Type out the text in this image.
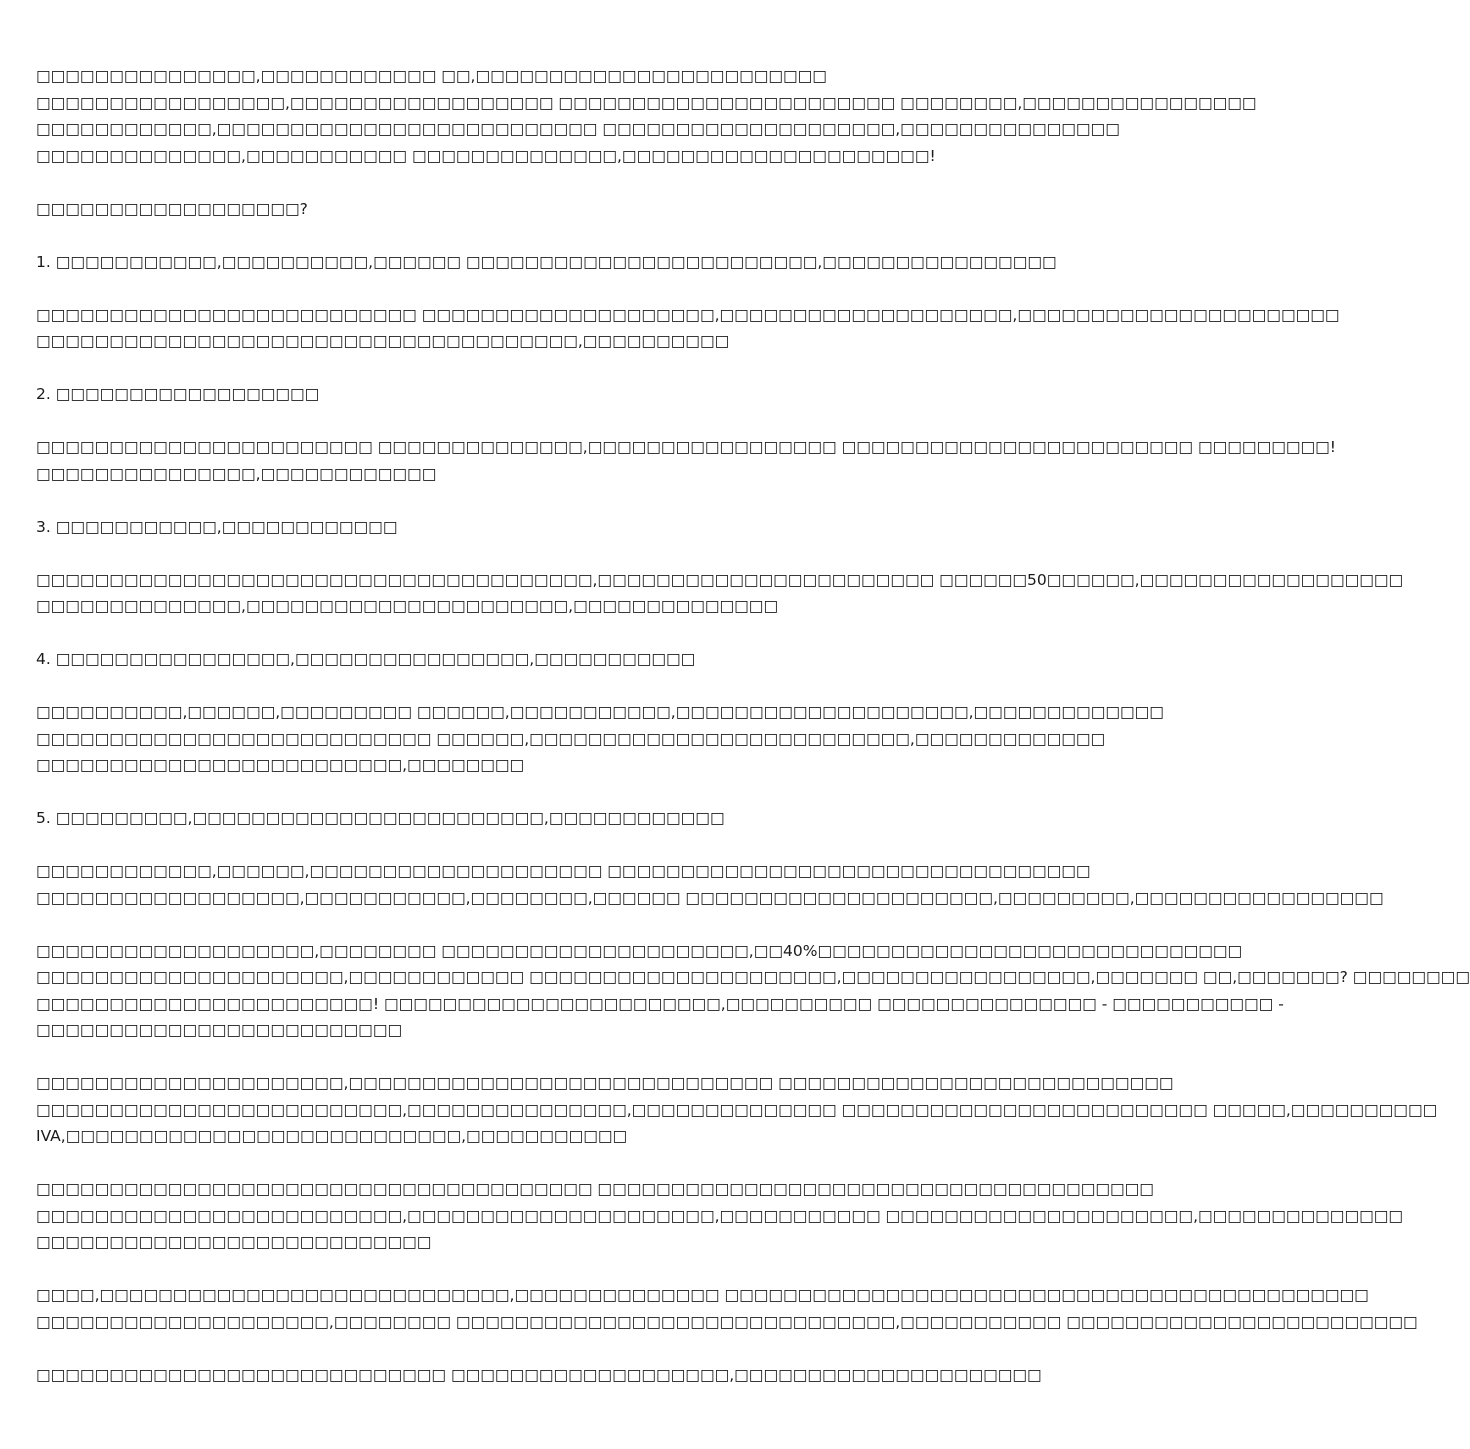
□□□□□□□□□□□□□□□,□□□□□□□□□□□□ □□,□□□□□□□□□□□□□□□□□□□□□□□□
□□□□□□□□□□□□□□□□□,□□□□□□□□□□□□□□□□□□ □□□□□□□□□□□□□□□□□□□□□□□ □□□□□□□□,□□□□□□□□□□□□□□□□
□□□□□□□□□□□□,□□□□□□□□□□□□□□□□□□□□□□□□□□ □□□□□□□□□□□□□□□□□□□□,□□□□□□□□□□□□□□□
□□□□□□□□□□□□□□,□□□□□□□□□□□ □□□□□□□□□□□□□□,□□□□□□□□□□□□□□□□□□□□□!
□□□□□□□□□□□□□□□□□□?
1. □□□□□□□□□□□,□□□□□□□□□□,□□□□□□ □□□□□□□□□□□□□□□□□□□□□□□□,□□□□□□□□□□□□□□□□
□□□□□□□□□□□□□□□□□□□□□□□□□□ □□□□□□□□□□□□□□□□□□□□,□□□□□□□□□□□□□□□□□□□□,□□□□□□□□□□□□□□□□□□□□□□
□□□□□□□□□□□□□□□□□□□□□□□□□□□□□□□□□□□□□,□□□□□□□□□□
2. □□□□□□□□□□□□□□□□□□
□□□□□□□□□□□□□□□□□□□□□□□ □□□□□□□□□□□□□□,□□□□□□□□□□□□□□□□□ □□□□□□□□□□□□□□□□□□□□□□□□ □□□□□□□□□!
□□□□□□□□□□□□□□□,□□□□□□□□□□□□
3. □□□□□□□□□□□,□□□□□□□□□□□□
□□□□□□□□□□□□□□□□□□□□□□□□□□□□□□□□□□□□□□,□□□□□□□□□□□□□□□□□□□□□□□ □□□□□□50□□□□□□,□□□□□□□□□□□□□□□□□□
□□□□□□□□□□□□□□,□□□□□□□□□□□□□□□□□□□□□□,□□□□□□□□□□□□□□
4. □□□□□□□□□□□□□□□□,□□□□□□□□□□□□□□□□,□□□□□□□□□□□
□□□□□□□□□□,□□□□□□,□□□□□□□□□ □□□□□□,□□□□□□□□□□□,□□□□□□□□□□□□□□□□□□□□,□□□□□□□□□□□□□
□□□□□□□□□□□□□□□□□□□□□□□□□□□ □□□□□□,□□□□□□□□□□□□□□□□□□□□□□□□□□,□□□□□□□□□□□□□
□□□□□□□□□□□□□□□□□□□□□□□□□,□□□□□□□□
5. □□□□□□□□□,□□□□□□□□□□□□□□□□□□□□□□□□,□□□□□□□□□□□□
□□□□□□□□□□□□,□□□□□□,□□□□□□□□□□□□□□□□□□□□ □□□□□□□□□□□□□□□□□□□□□□□□□□□□□□□□□
□□□□□□□□□□□□□□□□□□,□□□□□□□□□□□,□□□□□□□□,□□□□□□ □□□□□□□□□□□□□□□□□□□□□,□□□□□□□□□,□□□□□□□□□□□□□□□□□
□□□□□□□□□□□□□□□□□□□,□□□□□□□□ □□□□□□□□□□□□□□□□□□□□□,□□40%□□□□□□□□□□□□□□□□□□□□□□□□□□□□□
□□□□□□□□□□□□□□□□□□□□□,□□□□□□□□□□□□ □□□□□□□□□□□□□□□□□□□□□,□□□□□□□□□□□□□□□□□,□□□□□□□ □□,□□□□□□□? □□□□□□□□
□□□□□□□□□□□□□□□□□□□□□□□! □□□□□□□□□□□□□□□□□□□□□□□,□□□□□□□□□□ □□□□□□□□□□□□□□□ - □□□□□□□□□□□ -
□□□□□□□□□□□□□□□□□□□□□□□□□
□□□□□□□□□□□□□□□□□□□□□,□□□□□□□□□□□□□□□□□□□□□□□□□□□□□ □□□□□□□□□□□□□□□□□□□□□□□□□□□
□□□□□□□□□□□□□□□□□□□□□□□□□,□□□□□□□□□□□□□□□,□□□□□□□□□□□□□□ □□□□□□□□□□□□□□□□□□□□□□□□□ □□□□□,□□□□□□□□□□
IVA,□□□□□□□□□□□□□□□□□□□□□□□□□□□,□□□□□□□□□□□
□□□□□□□□□□□□□□□□□□□□□□□□□□□□□□□□□□□□□□ □□□□□□□□□□□□□□□□□□□□□□□□□□□□□□□□□□□□□□
□□□□□□□□□□□□□□□□□□□□□□□□□,□□□□□□□□□□□□□□□□□□□□□,□□□□□□□□□□□ □□□□□□□□□□□□□□□□□□□□□,□□□□□□□□□□□□□□
□□□□□□□□□□□□□□□□□□□□□□□□□□□
□□□□,□□□□□□□□□□□□□□□□□□□□□□□□□□□□,□□□□□□□□□□□□□□ □□□□□□□□□□□□□□□□□□□□□□□□□□□□□□□□□□□□□□□□□□□□
□□□□□□□□□□□□□□□□□□□□,□□□□□□□□ □□□□□□□□□□□□□□□□□□□□□□□□□□□□□□,□□□□□□□□□□□ □□□□□□□□□□□□□□□□□□□□□□□□
□□□□□□□□□□□□□□□□□□□□□□□□□□□□ □□□□□□□□□□□□□□□□□□□,□□□□□□□□□□□□□□□□□□□□□
